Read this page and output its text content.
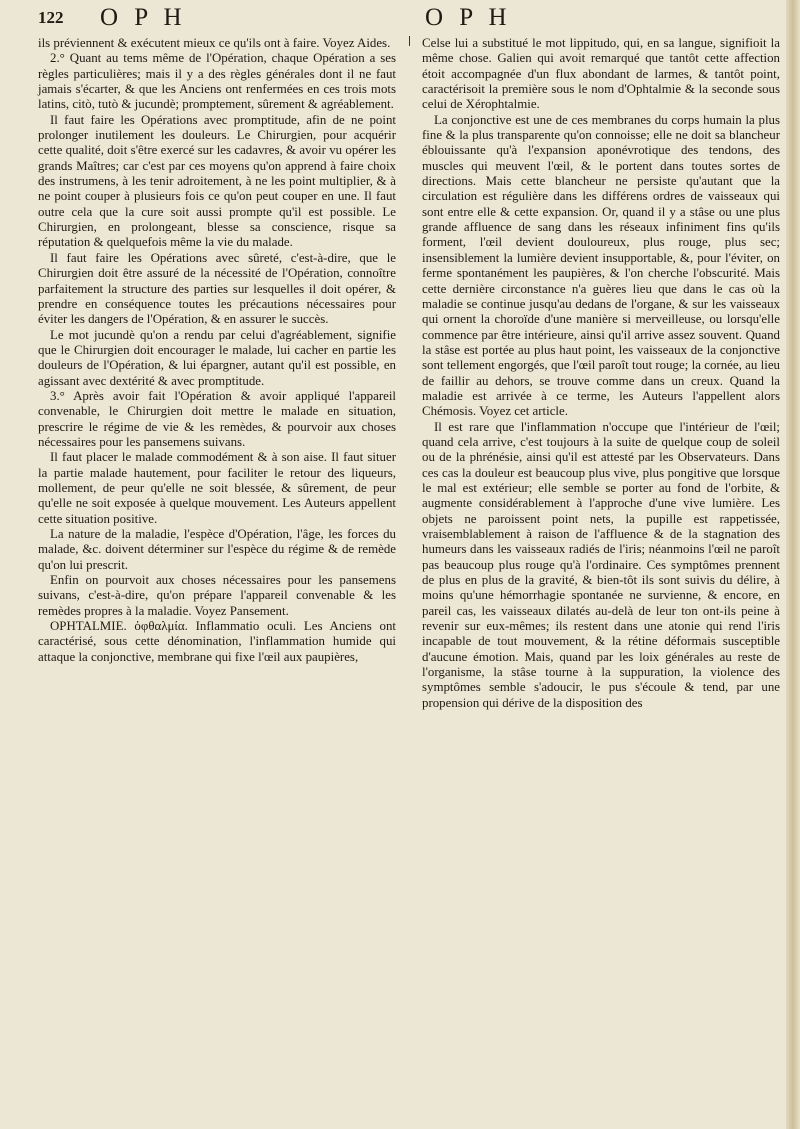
122 O P H	O P H

ils préviennent & exécutent mieux ce qu'ils ont à faire. Voyez Aides.

2.° Quant au tems même de l'Opération, chaque Opération a ses règles particulières; mais il y a des règles générales dont il ne faut jamais s'écarter, & que les Anciens ont renfermées en ces trois mots latins, citò, tutò & jucundè; promptement, sûrement & agréablement.

Il faut faire les Opérations avec promptitude, afin de ne point prolonger inutilement les douleurs. Le Chirurgien, pour acquérir cette qualité, doit s'être exercé sur les cadavres, & avoir vu opérer les grands Maîtres; car c'est par ces moyens qu'on apprend à faire choix des instrumens, à les tenir adroitement, à ne les point multiplier, & à ne point couper à plusieurs fois ce qu'on peut couper en une. Il faut outre cela que la cure soit aussi prompte qu'il est possible. Le Chirurgien, en prolongeant, blesse sa conscience, risque sa réputation & quelquefois même la vie du malade.

Il faut faire les Opérations avec sûreté, c'est-à-dire, que le Chirurgien doit être assuré de la nécessité de l'Opération, connoître parfaitement la structure des parties sur lesquelles il doit opérer, & prendre en conséquence toutes les précautions nécessaires pour éviter les dangers de l'Opération, & en assurer le succès.

Le mot jucundè qu'on a rendu par celui d'agréablement, signifie que le Chirurgien doit encourager le malade, lui cacher en partie les douleurs de l'Opération, & lui épargner, autant qu'il est possible, en agissant avec dextérité & avec promptitude.

3.° Après avoir fait l'Opération & avoir appliqué l'appareil convenable, le Chirurgien doit mettre le malade en situation, prescrire le régime de vie & les remèdes, & pourvoir aux choses nécessaires pour les pansemens suivans.

Il faut placer le malade commodément & à son aise. Il faut situer la partie malade hautement, pour faciliter le retour des liqueurs, mollement, de peur qu'elle ne soit blessée, & sûrement, de peur qu'elle ne soit exposée à quelque mouvement. Les Auteurs appellent cette situation positive.

La nature de la maladie, l'espèce d'Opération, l'âge, les forces du malade, &c. doivent déterminer sur l'espèce du régime & de remède qu'on lui prescrit.

Enfin on pourvoit aux choses nécessaires pour les pansemens suivans, c'est-à-dire, qu'on prépare l'appareil convenable & les remèdes propres à la maladie. Voyez Pansement.

OPHTALMIE. ὀφθαλμία. Inflammatio oculi. Les Anciens ont caractérisé, sous cette dénomination, l'inflammation humide qui attaque la conjonctive, membrane qui fixe l'œil aux paupières,

Celse lui a substitué le mot lippitudo, qui, en sa langue, signifioit la même chose. Galien qui avoit remarqué que tantôt cette affection étoit accompagnée d'un flux abondant de larmes, & tantôt point, caractérisoit la première sous le nom d'Ophtalmie & la seconde sous celui de Xérophtalmie.

La conjonctive est une de ces membranes du corps humain la plus fine & la plus transparente qu'on connoisse; elle ne doit sa blancheur éblouissante qu'à l'expansion aponévrotique des tendons, des muscles qui meuvent l'œil, & le portent dans toutes sortes de directions. Mais cette blancheur ne persiste qu'autant que la circulation est régulière dans les différens ordres de vaisseaux qui sont entre elle & cette expansion. Or, quand il y a stâse ou une plus grande affluence de sang dans les réseaux infiniment fins qu'ils forment, l'œil devient douloureux, plus rouge, plus sec; insensiblement la lumière devient insupportable, &, pour l'éviter, on ferme spontanément les paupières, & l'on cherche l'obscurité. Mais cette dernière circonstance n'a guères lieu que dans le cas où la maladie se continue jusqu'au dedans de l'organe, & sur les vaisseaux qui ornent la choroïde d'une manière si merveilleuse, ou lorsqu'elle commence par être intérieure, ainsi qu'il arrive assez souvent. Quand la stâse est portée au plus haut point, les vaisseaux de la conjonctive sont tellement engorgés, que l'œil paroît tout rouge; la cornée, au lieu de faillir au dehors, se trouve comme dans un creux. Quand la maladie est arrivée à ce terme, les Auteurs l'appellent alors Chémosis. Voyez cet article.

Il est rare que l'inflammation n'occupe que l'intérieur de l'œil; quand cela arrive, c'est toujours à la suite de quelque coup de soleil ou de la phrénésie, ainsi qu'il est attesté par les Observateurs. Dans ces cas la douleur est beaucoup plus vive, plus pongitive que lorsque le mal est extérieur; elle semble se porter au fond de l'orbite, & augmente considérablement à l'approche d'une vive lumière. Les objets ne paroissent point nets, la pupille est rappetissée, vraisemblablement à raison de l'affluence & de la stagnation des humeurs dans les vaisseaux radiés de l'iris; néanmoins l'œil ne paroît pas beaucoup plus rouge qu'à l'ordinaire. Ces symptômes prennent de plus en plus de la gravité, & bien-tôt ils sont suivis du délire, à moins qu'une hémorrhagie spontanée ne survienne, & encore, en pareil cas, les vaisseaux dilatés au-delà de leur ton ont-ils peine à revenir sur eux-mêmes; ils restent dans une atonie qui rend l'iris incapable de tout mouvement, & la rétine déformais susceptible d'aucune émotion. Mais, quand par les loix générales au reste de l'organisme, la stâse tourne à la suppuration, la violence des symptômes semble s'adoucir, le pus s'écoule & tend, par une propension qui dérive de la disposition des
